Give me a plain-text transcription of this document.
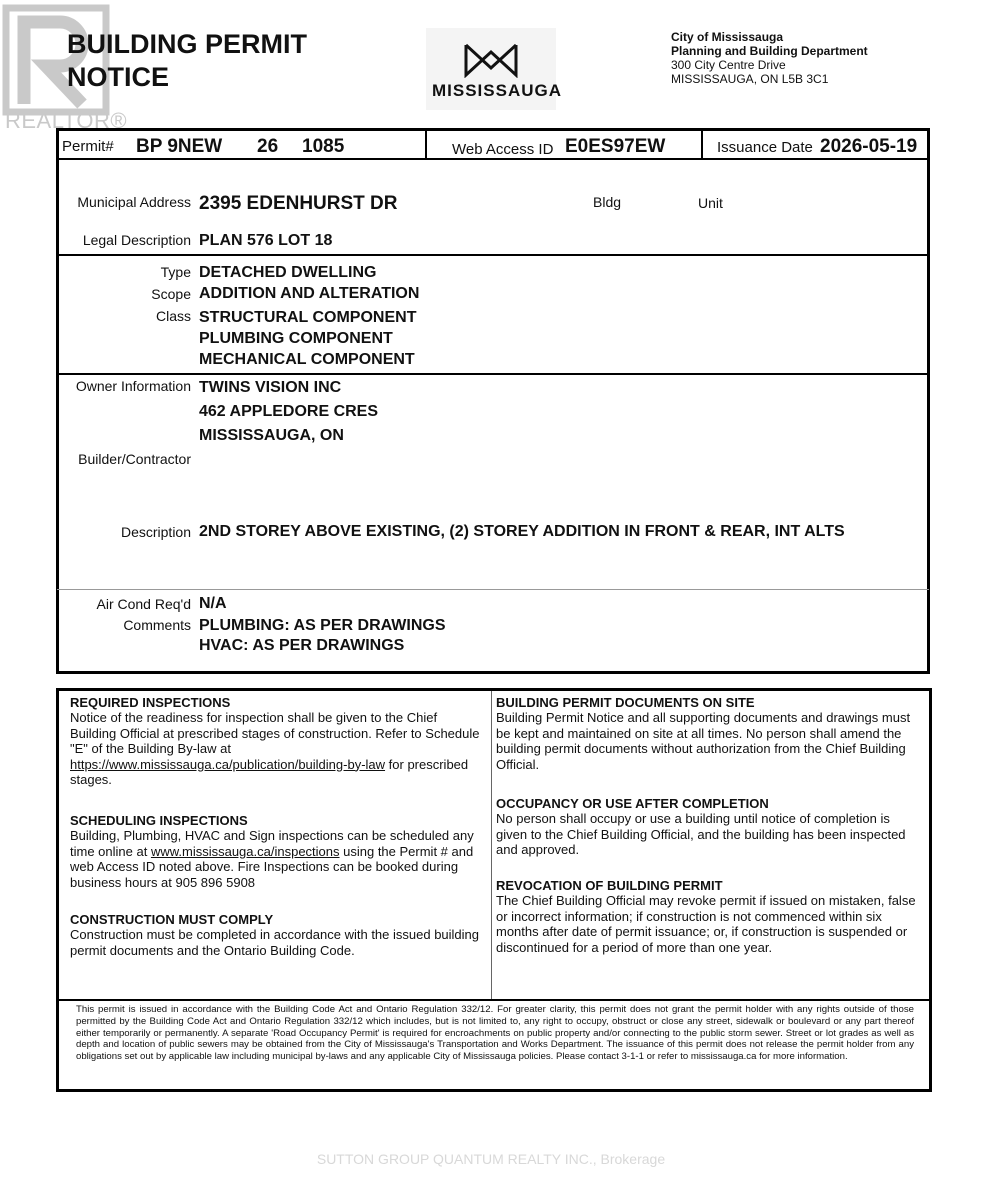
REALTOR®
BUILDING PERMIT
NOTICE	MISSISSAUGA
City of Mississauga
Planning and Building Department
300 City Centre Drive
MISSISSAUGA, ON L5B 3C1
Permit# BP 9NEW 26 1085	Web Access ID E0ES97EW	Issuance Date 2026-05-19
Municipal Address 2395 EDENHURST DR	Bldg	Unit
Legal Description PLAN 576 LOT 18
Type DETACHED DWELLING
Scope ADDITION AND ALTERATION
Class STRUCTURAL COMPONENT
PLUMBING COMPONENT
MECHANICAL COMPONENT
Owner Information TWINS VISION INC
462 APPLEDORE CRES
MISSISSAUGA, ON
Builder/Contractor
Description 2ND STOREY ABOVE EXISTING, (2) STOREY ADDITION IN FRONT & REAR, INT ALTS
Air Cond Req'd N/A
Comments PLUMBING: AS PER DRAWINGS
HVAC: AS PER DRAWINGS
REQUIRED INSPECTIONS
Notice of the readiness for inspection shall be given to the Chief Building Official at prescribed stages of construction. Refer to Schedule "E" of the Building By-law at
https://www.mississauga.ca/publication/building-by-law for prescribed stages.
SCHEDULING INSPECTIONS
Building, Plumbing, HVAC and Sign inspections can be scheduled any time online at www.mississauga.ca/inspections using the Permit # and web Access ID noted above. Fire Inspections can be booked during business hours at 905 896 5908
CONSTRUCTION MUST COMPLY
Construction must be completed in accordance with the issued building permit documents and the Ontario Building Code.
BUILDING PERMIT DOCUMENTS ON SITE
Building Permit Notice and all supporting documents and drawings must be kept and maintained on site at all times. No person shall amend the building permit documents without authorization from the Chief Building Official.
OCCUPANCY OR USE AFTER COMPLETION
No person shall occupy or use a building until notice of completion is given to the Chief Building Official, and the building has been inspected and approved.
REVOCATION OF BUILDING PERMIT
The Chief Building Official may revoke permit if issued on mistaken, false or incorrect information; if construction is not commenced within six months after date of permit issuance; or, if construction is suspended or discontinued for a period of more than one year.
This permit is issued in accordance with the Building Code Act and Ontario Regulation 332/12. For greater clarity, this permit does not grant the permit holder with any rights outside of those permitted by the Building Code Act and Ontario Regulation 332/12 which includes, but is not limited to, any right to occupy, obstruct or close any street, sidewalk or boulevard or any part thereof either temporarily or permanently. A separate 'Road Occupancy Permit' is required for encroachments on public property and/or connecting to the public storm sewer. Street or lot grades as well as depth and location of public sewers may be obtained from the City of Mississauga's Transportation and Works Department. The issuance of this permit does not release the permit holder from any obligations set out by applicable law including municipal by-laws and any applicable City of Mississauga policies. Please contact 3-1-1 or refer to mississauga.ca for more information.
SUTTON GROUP QUANTUM REALTY INC., Brokerage
